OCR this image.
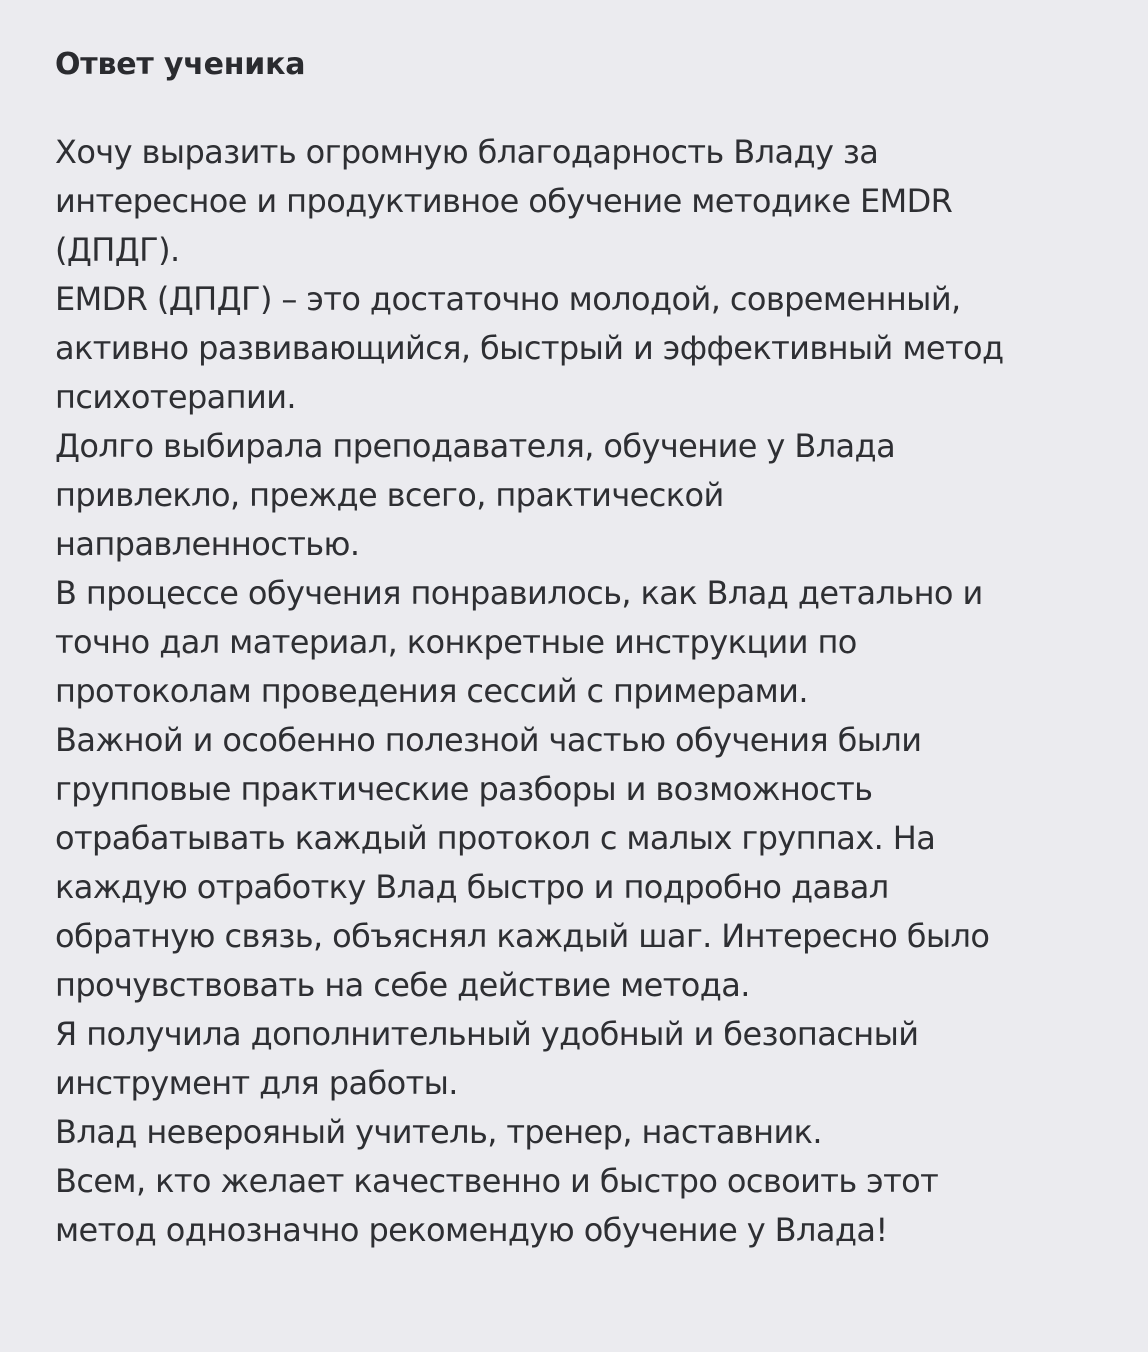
Ответ ученика
Хочу выразить огромную благодарность Владу за
интересное и продуктивное обучение методике EMDR
(ДПДГ).
EMDR (ДПДГ) – это достаточно молодой, современный,
активно развивающийся, быстрый и эффективный метод
психотерапии.
Долго выбирала преподавателя, обучение у Влада
привлекло, прежде всего, практической
направленностью.
В процессе обучения понравилось, как Влад детально и
точно дал материал, конкретные инструкции по
протоколам проведения сессий с примерами.
Важной и особенно полезной частью обучения были
групповые практические разборы и возможность
отрабатывать каждый протокол с малых группах. На
каждую отработку Влад быстро и подробно давал
обратную связь, объяснял каждый шаг. Интересно было
прочувствовать на себе действие метода.
Я получила дополнительный удобный и безопасный
инструмент для работы.
Влад неверояный учитель, тренер, наставник.
Всем, кто желает качественно и быстро освоить этот
метод однозначно рекомендую обучение у Влада!
